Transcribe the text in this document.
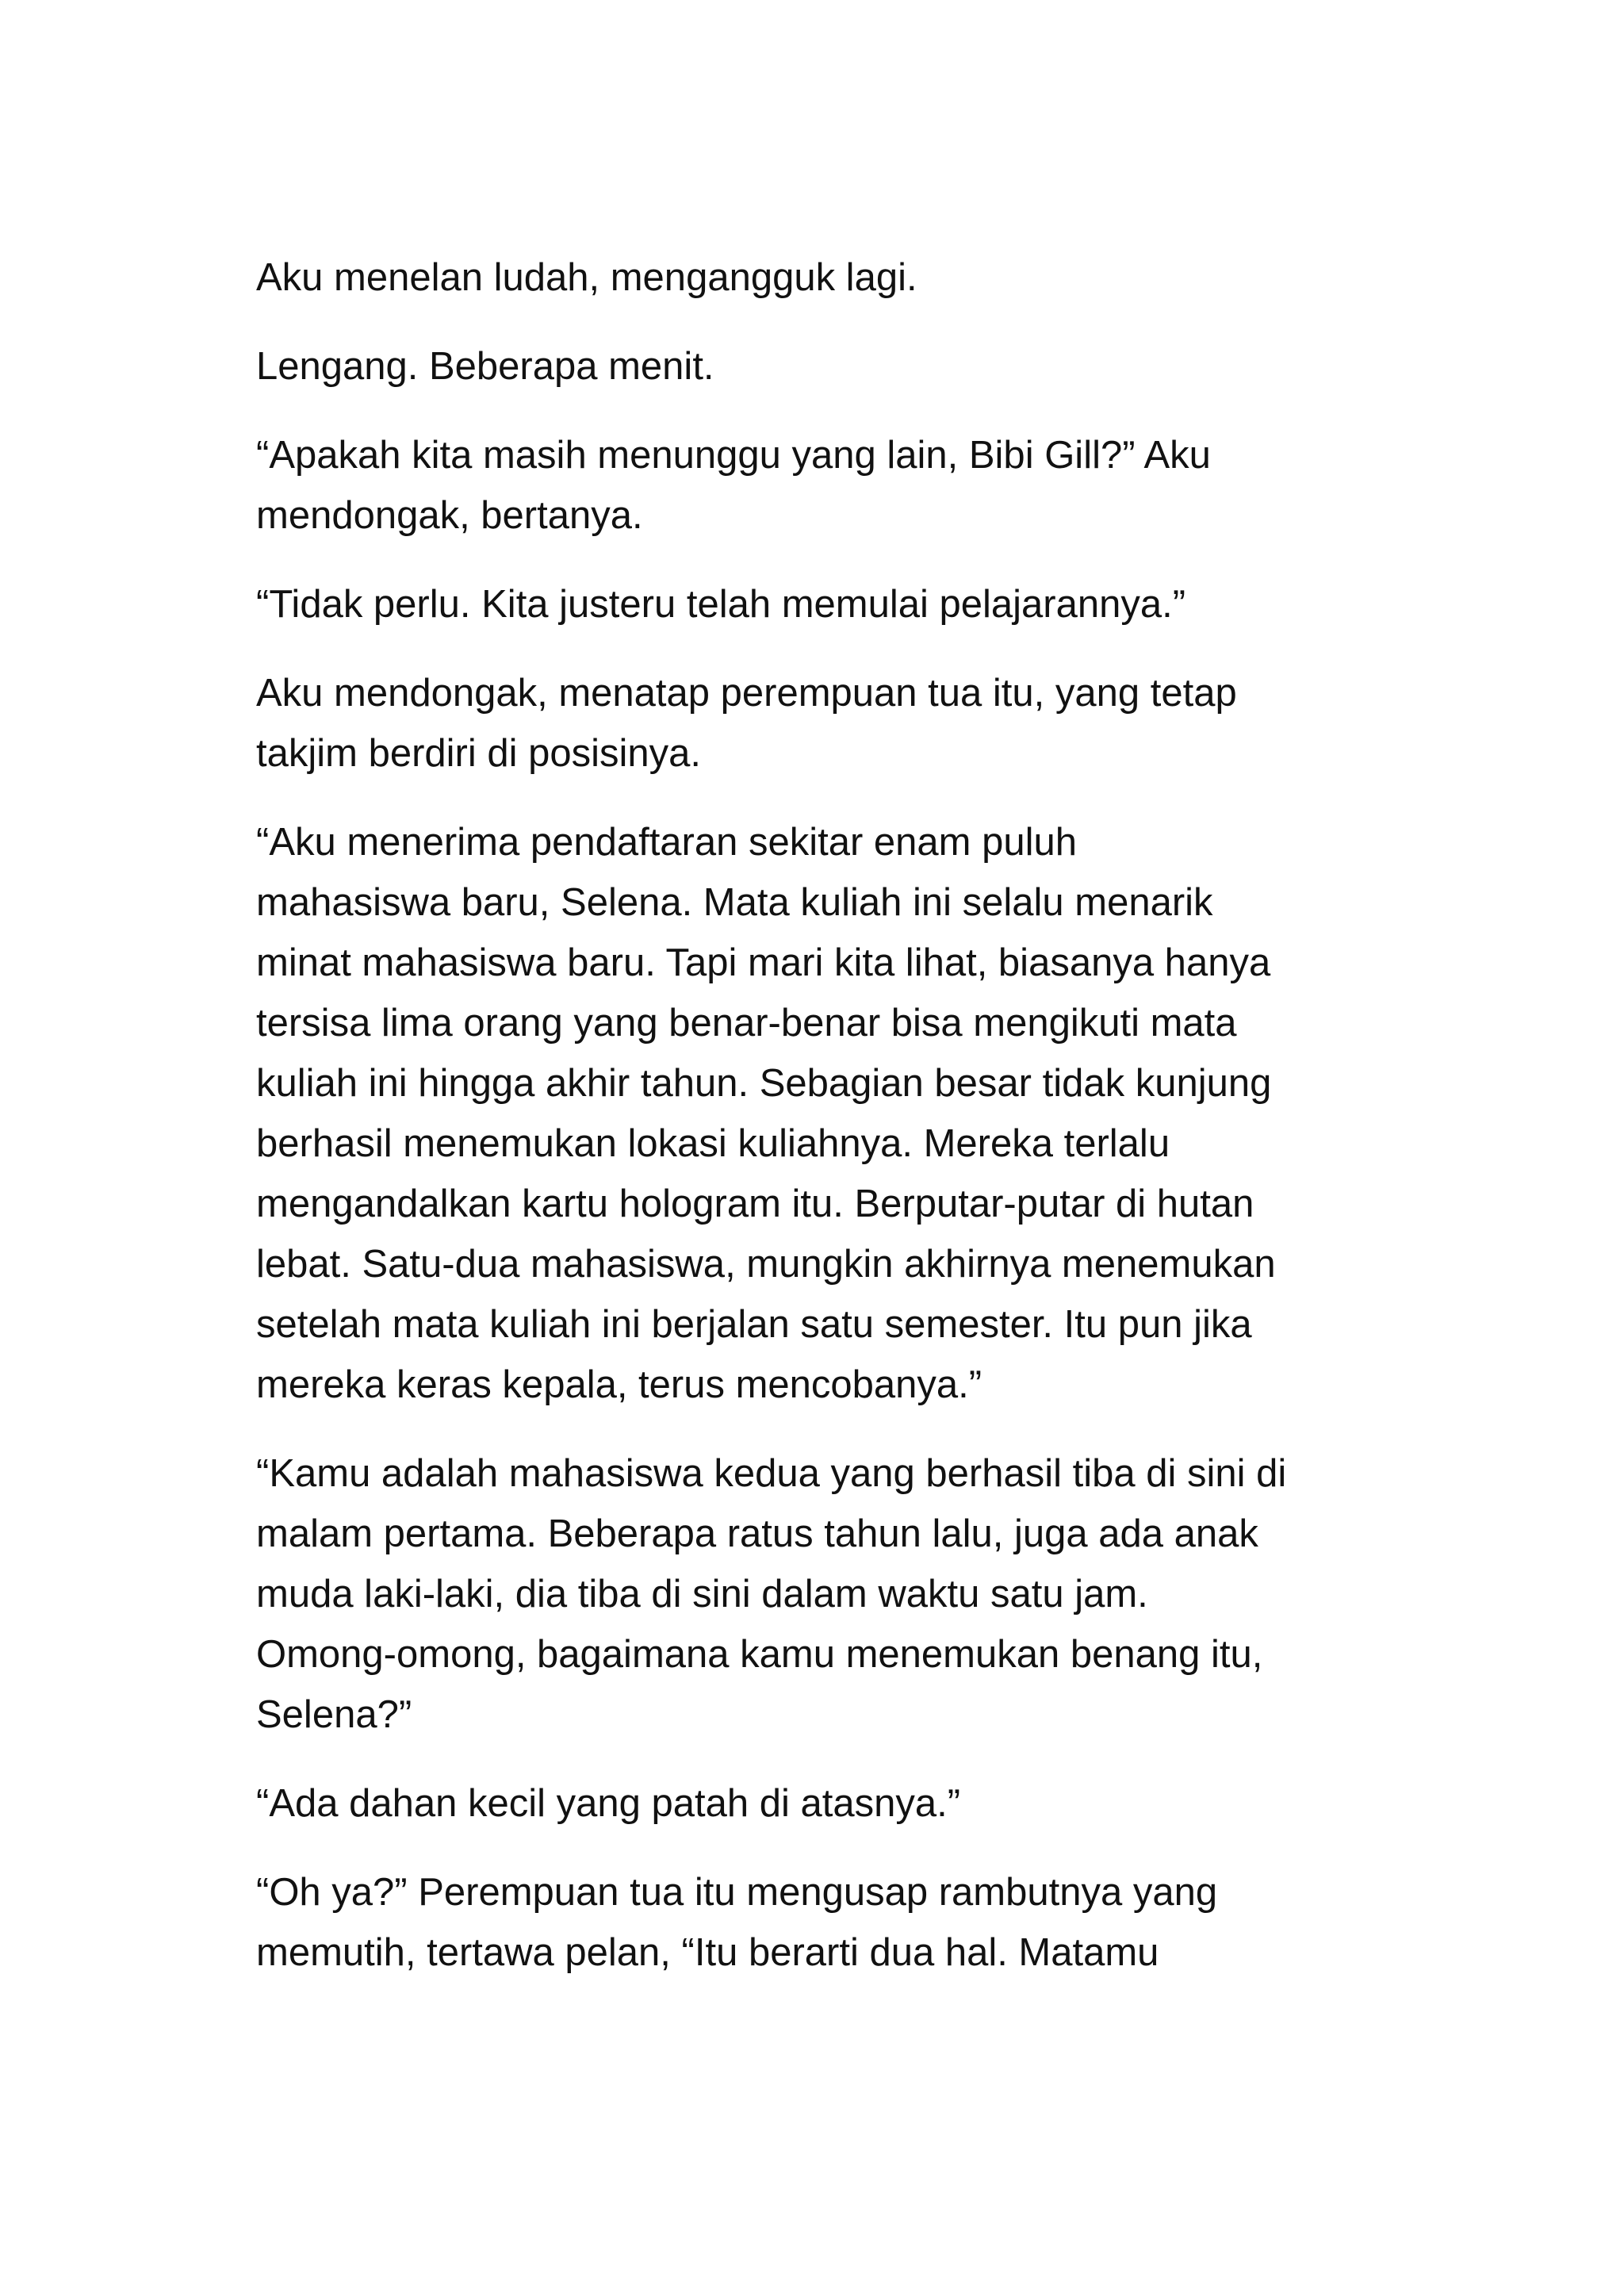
Aku menelan ludah, mengangguk lagi.

Lengang. Beberapa menit.

“Apakah kita masih menunggu yang lain, Bibi Gill?” Aku
mendongak, bertanya.

“Tidak perlu. Kita justeru telah memulai pelajarannya.”

Aku mendongak, menatap perempuan tua itu, yang tetap
takjim berdiri di posisinya.

“Aku menerima pendaftaran sekitar enam puluh
mahasiswa baru, Selena. Mata kuliah ini selalu menarik
minat mahasiswa baru. Tapi mari kita lihat, biasanya hanya
tersisa lima orang yang benar-benar bisa mengikuti mata
kuliah ini hingga akhir tahun. Sebagian besar tidak kunjung
berhasil menemukan lokasi kuliahnya. Mereka terlalu
mengandalkan kartu hologram itu. Berputar-putar di hutan
lebat. Satu-dua mahasiswa, mungkin akhirnya menemukan
setelah mata kuliah ini berjalan satu semester. Itu pun jika
mereka keras kepala, terus mencobanya.”

“Kamu adalah mahasiswa kedua yang berhasil tiba di sini di
malam pertama. Beberapa ratus tahun lalu, juga ada anak
muda laki-laki, dia tiba di sini dalam waktu satu jam.
Omong-omong, bagaimana kamu menemukan benang itu,
Selena?”

“Ada dahan kecil yang patah di atasnya.”

“Oh ya?” Perempuan tua itu mengusap rambutnya yang
memutih, tertawa pelan, “Itu berarti dua hal. Matamu
